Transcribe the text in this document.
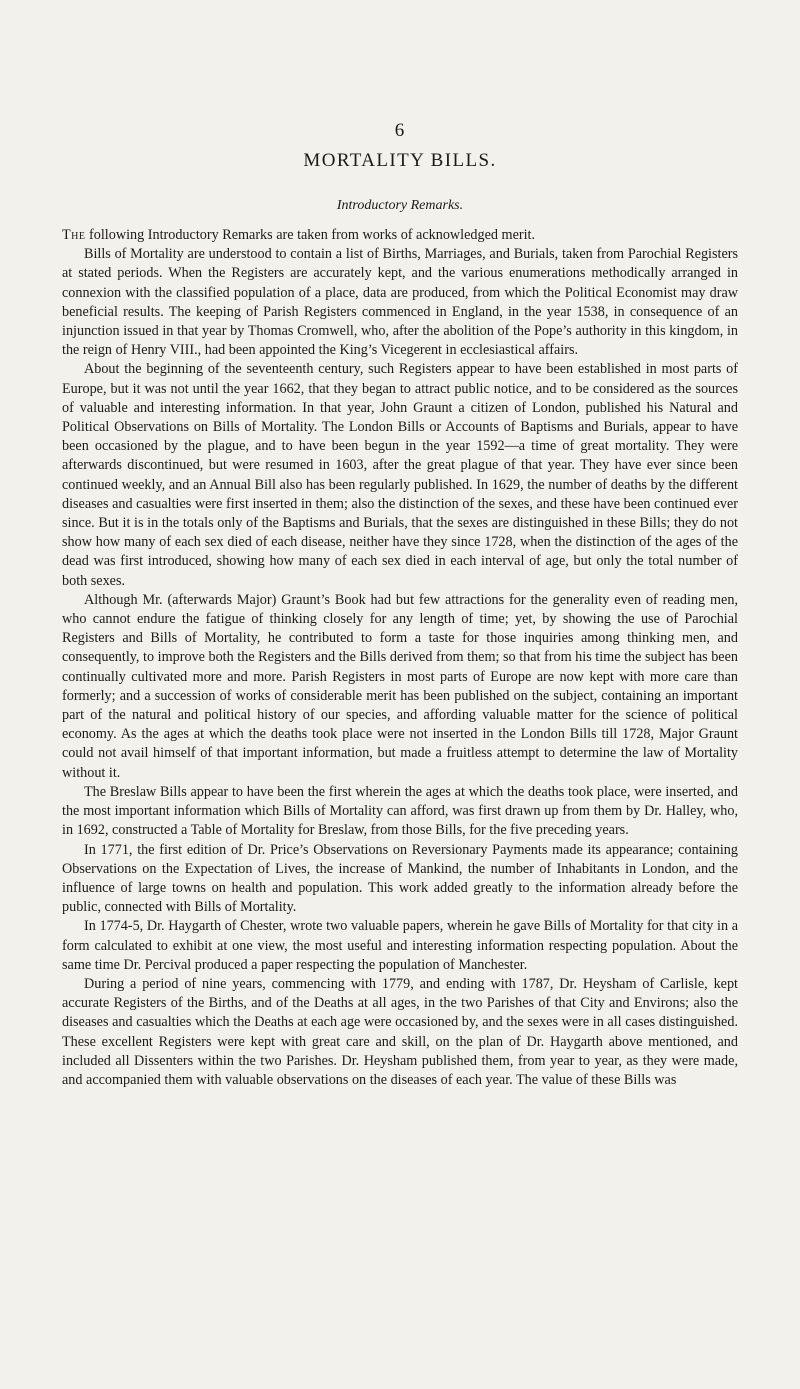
6
MORTALITY BILLS.
Introductory Remarks.

The following Introductory Remarks are taken from works of acknowledged merit.

Bills of Mortality are understood to contain a list of Births, Marriages, and Burials, taken from Parochial Registers at stated periods. When the Registers are accurately kept, and the various enumerations methodically arranged in connexion with the classified population of a place, data are produced, from which the Political Economist may draw beneficial results. The keeping of Parish Registers commenced in England, in the year 1538, in consequence of an injunction issued in that year by Thomas Cromwell, who, after the abolition of the Pope’s authority in this kingdom, in the reign of Henry VIII., had been appointed the King’s Vicegerent in ecclesiastical affairs.

About the beginning of the seventeenth century, such Registers appear to have been established in most parts of Europe, but it was not until the year 1662, that they began to attract public notice, and to be considered as the sources of valuable and interesting information. In that year, John Graunt a citizen of London, published his Natural and Political Observations on Bills of Mortality. The London Bills or Accounts of Baptisms and Burials, appear to have been occasioned by the plague, and to have been begun in the year 1592—a time of great mortality. They were afterwards discontinued, but were resumed in 1603, after the great plague of that year. They have ever since been continued weekly, and an Annual Bill also has been regularly published. In 1629, the number of deaths by the different diseases and casualties were first inserted in them; also the distinction of the sexes, and these have been continued ever since. But it is in the totals only of the Baptisms and Burials, that the sexes are distinguished in these Bills; they do not show how many of each sex died of each disease, neither have they since 1728, when the distinction of the ages of the dead was first introduced, showing how many of each sex died in each interval of age, but only the total number of both sexes.

Although Mr. (afterwards Major) Graunt’s Book had but few attractions for the generality even of reading men, who cannot endure the fatigue of thinking closely for any length of time; yet, by showing the use of Parochial Registers and Bills of Mortality, he contributed to form a taste for those inquiries among thinking men, and consequently, to improve both the Registers and the Bills derived from them; so that from his time the subject has been continually cultivated more and more. Parish Registers in most parts of Europe are now kept with more care than formerly; and a succession of works of considerable merit has been published on the subject, containing an important part of the natural and political history of our species, and affording valuable matter for the science of political economy. As the ages at which the deaths took place were not inserted in the London Bills till 1728, Major Graunt could not avail himself of that important information, but made a fruitless attempt to determine the law of Mortality without it.

The Breslaw Bills appear to have been the first wherein the ages at which the deaths took place, were inserted, and the most important information which Bills of Mortality can afford, was first drawn up from them by Dr. Halley, who, in 1692, constructed a Table of Mortality for Breslaw, from those Bills, for the five preceding years.

In 1771, the first edition of Dr. Price’s Observations on Reversionary Payments made its appearance; containing Observations on the Expectation of Lives, the increase of Mankind, the number of Inhabitants in London, and the influence of large towns on health and population. This work added greatly to the information already before the public, connected with Bills of Mortality.

In 1774-5, Dr. Haygarth of Chester, wrote two valuable papers, wherein he gave Bills of Mortality for that city in a form calculated to exhibit at one view, the most useful and interesting information respecting population. About the same time Dr. Percival produced a paper respecting the population of Manchester.

During a period of nine years, commencing with 1779, and ending with 1787, Dr. Heysham of Carlisle, kept accurate Registers of the Births, and of the Deaths at all ages, in the two Parishes of that City and Environs; also the diseases and casualties which the Deaths at each age were occasioned by, and the sexes were in all cases distinguished. These excellent Registers were kept with great care and skill, on the plan of Dr. Haygarth above mentioned, and included all Dissenters within the two Parishes. Dr. Heysham published them, from year to year, as they were made, and accompanied them with valuable observations on the diseases of each year. The value of these Bills was
